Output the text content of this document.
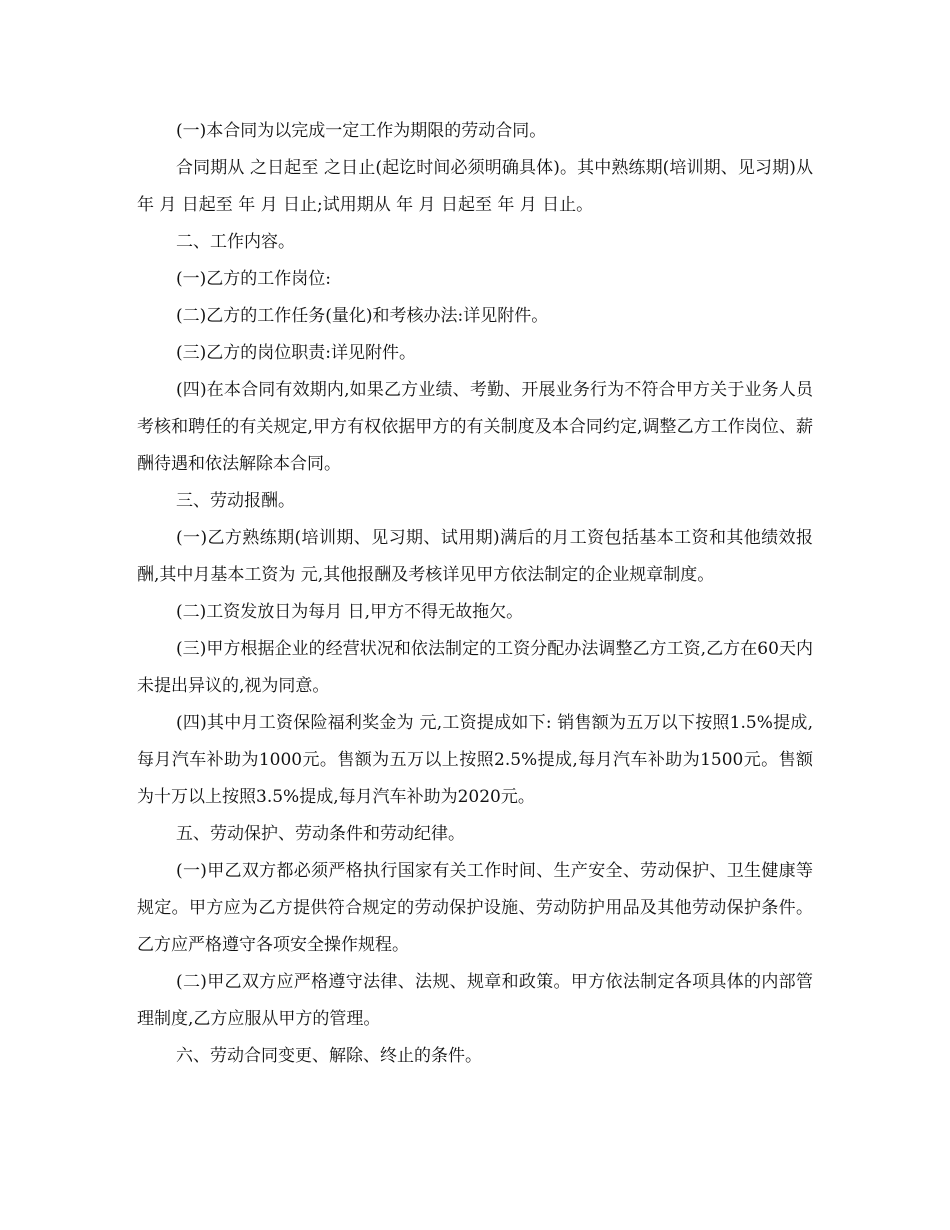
(一)本合同为以完成一定工作为期限的劳动合同。

合同期从 之日起至 之日止(起讫时间必须明确具体)。其中熟练期(培训期、见习期)从 年 月 日起至 年 月 日止;试用期从 年 月 日起至 年 月 日止。

二、工作内容。

(一)乙方的工作岗位:

(二)乙方的工作任务(量化)和考核办法:详见附件。

(三)乙方的岗位职责:详见附件。

(四)在本合同有效期内,如果乙方业绩、考勤、开展业务行为不符合甲方关于业务人员考核和聘任的有关规定,甲方有权依据甲方的有关制度及本合同约定,调整乙方工作岗位、薪酬待遇和依法解除本合同。

三、劳动报酬。

(一)乙方熟练期(培训期、见习期、试用期)满后的月工资包括基本工资和其他绩效报酬,其中月基本工资为 元,其他报酬及考核详见甲方依法制定的企业规章制度。

(二)工资发放日为每月 日,甲方不得无故拖欠。

(三)甲方根据企业的经营状况和依法制定的工资分配办法调整乙方工资,乙方在60天内未提出异议的,视为同意。

(四)其中月工资保险福利奖金为 元,工资提成如下: 销售额为五万以下按照1.5%提成,每月汽车补助为1000元。售额为五万以上按照2.5%提成,每月汽车补助为1500元。售额为十万以上按照3.5%提成,每月汽车补助为2020元。

五、劳动保护、劳动条件和劳动纪律。

(一)甲乙双方都必须严格执行国家有关工作时间、生产安全、劳动保护、卫生健康等规定。甲方应为乙方提供符合规定的劳动保护设施、劳动防护用品及其他劳动保护条件。乙方应严格遵守各项安全操作规程。

(二)甲乙双方应严格遵守法律、法规、规章和政策。甲方依法制定各项具体的内部管理制度,乙方应服从甲方的管理。

六、劳动合同变更、解除、终止的条件。
